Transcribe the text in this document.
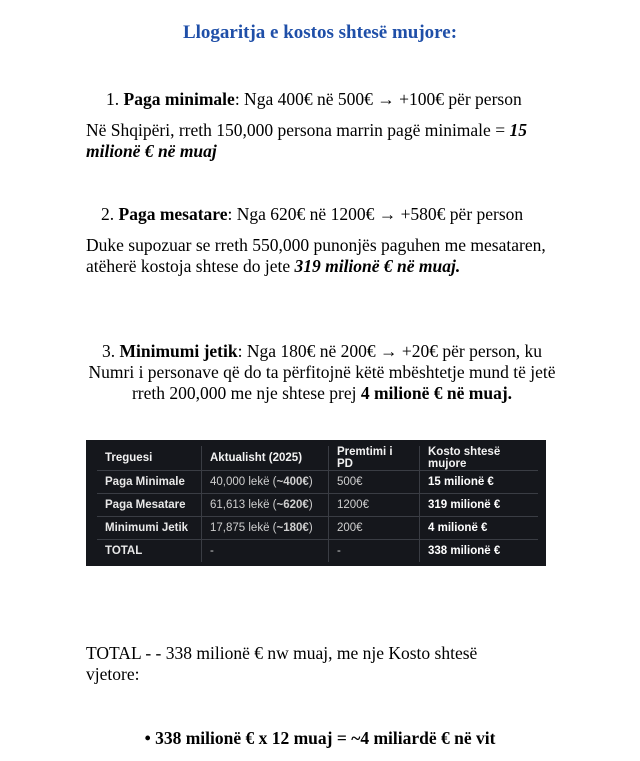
Llogaritja e kostos shtesë mujore:
1. Paga minimale: Nga 400€ në 500€ → +100€ për person
Në Shqipëri, rreth 150,000 persona marrin pagë minimale = 15 milionë € në muaj
2. Paga mesatare: Nga 620€ në 1200€ → +580€ për person
Duke supozuar se rreth 550,000 punonjës paguhen me mesataren, atëherë kostoja shtese do jete 319 milionë € në muaj.
3. Minimumi jetik: Nga 180€ në 200€ → +20€ për person, ku Numri i personave që do ta përfitojnë këtë mbështetje mund të jetë rreth 200,000 me nje shtese prej 4 milionë € në muaj.
Treguesi	Aktualisht (2025)	Premtimi i PD	Kosto shtesë mujore
Paga Minimale	40,000 lekë (~400€)	500€	15 milionë €
Paga Mesatare	61,613 lekë (~620€)	1200€	319 milionë €
Minimumi Jetik	17,875 lekë (~180€)	200€	4 milionë €
TOTAL	-	-	338 milionë €
TOTAL - - 338 milionë € nw muaj, me nje Kosto shtesë vjetore:
• 338 milionë € x 12 muaj = ~4 miliardë € në vit
